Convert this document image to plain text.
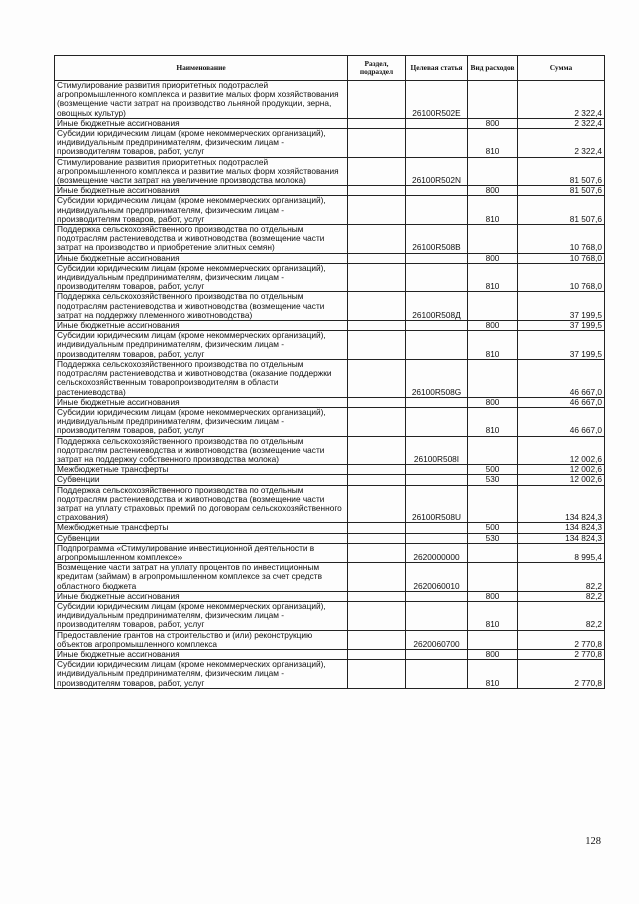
Наименование	Раздел, подраздел	Целевая статья	Вид расходов	Сумма
Стимулирование развития приоритетных подотраслей агропромышленного комплекса и развитие малых форм хозяйствования (возмещение части затрат на производство льняной продукции, зерна, овощных культур)		26100R502E		2 322,4
Иные бюджетные ассигнования			800	2 322,4
Субсидии юридическим лицам (кроме некоммерческих организаций), индивидуальным предпринимателям, физическим лицам - производителям товаров, работ, услуг			810	2 322,4
Стимулирование развития приоритетных подотраслей агропромышленного комплекса и развитие малых форм хозяйствования (возмещение части затрат на увеличение производства молока)		26100R502N		81 507,6
Иные бюджетные ассигнования			800	81 507,6
Субсидии юридическим лицам (кроме некоммерческих организаций), индивидуальным предпринимателям, физическим лицам - производителям товаров, работ, услуг			810	81 507,6
Поддержка сельскохозяйственного производства по отдельным подотраслям растениеводства и животноводства (возмещение части затрат на производство и приобретение элитных семян)		26100R508B		10 768,0
Иные бюджетные ассигнования			800	10 768,0
Субсидии юридическим лицам (кроме некоммерческих организаций), индивидуальным предпринимателям, физическим лицам - производителям товаров, работ, услуг			810	10 768,0
Поддержка сельскохозяйственного производства по отдельным подотраслям растениеводства и животноводства (возмещение части затрат на поддержку племенного животноводства)		26100R508Д		37 199,5
Иные бюджетные ассигнования			800	37 199,5
Субсидии юридическим лицам (кроме некоммерческих организаций), индивидуальным предпринимателям, физическим лицам - производителям товаров, работ, услуг			810	37 199,5
Поддержка сельскохозяйственного производства по отдельным подотраслям растениеводства и животноводства (оказание поддержки сельскохозяйственным товаропроизводителям в области растениеводства)		26100R508G		46 667,0
Иные бюджетные ассигнования			800	46 667,0
Субсидии юридическим лицам (кроме некоммерческих организаций), индивидуальным предпринимателям, физическим лицам - производителям товаров, работ, услуг			810	46 667,0
Поддержка сельскохозяйственного производства по отдельным подотраслям растениеводства и животноводства (возмещение части затрат на поддержку собственного производства молока)		26100R508I		12 002,6
Межбюджетные трансферты			500	12 002,6
Субвенции			530	12 002,6
Поддержка сельскохозяйственного производства по отдельным подотраслям растениеводства и животноводства (возмещение части затрат на уплату страховых премий по договорам сельскохозяйственного страхования)		26100R508U		134 824,3
Межбюджетные трансферты			500	134 824,3
Субвенции			530	134 824,3
Подпрограмма «Стимулирование инвестиционной деятельности в агропромышленном комплексе»		2620000000		8 995,4
Возмещение части затрат на уплату процентов по инвестиционным кредитам (займам) в агропромышленном комплексе за счет средств областного бюджета		2620060010		82,2
Иные бюджетные ассигнования			800	82,2
Субсидии юридическим лицам (кроме некоммерческих организаций), индивидуальным предпринимателям, физическим лицам - производителям товаров, работ, услуг			810	82,2
Предоставление грантов на строительство и (или) реконструкцию объектов агропромышленного комплекса		2620060700		2 770,8
Иные бюджетные ассигнования			800	2 770,8
Субсидии юридическим лицам (кроме некоммерческих организаций), индивидуальным предпринимателям, физическим лицам - производителям товаров, работ, услуг			810	2 770,8
128
